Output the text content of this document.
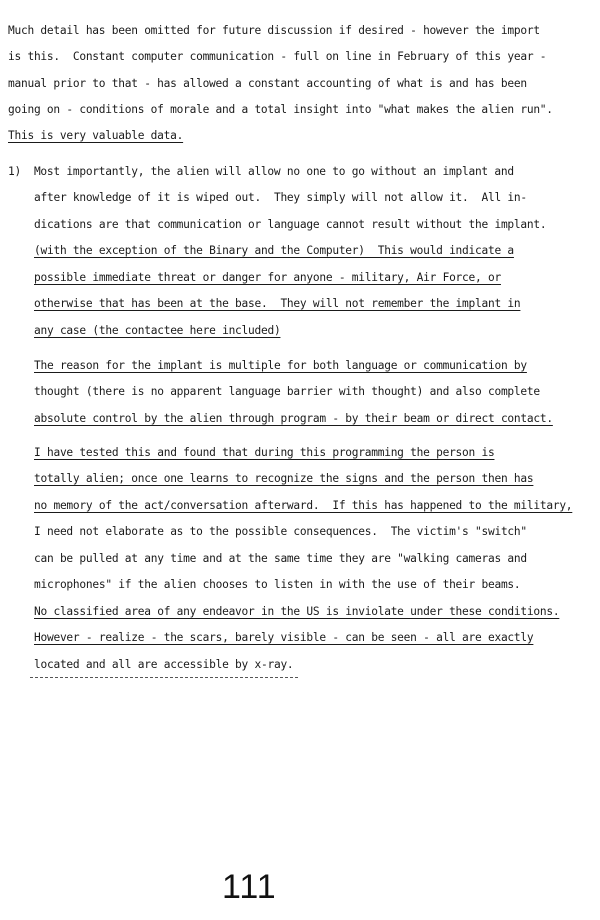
Much detail has been omitted for future discussion if desired - however the import
is this.  Constant computer communication - full on line in February of this year -
manual prior to that - has allowed a constant accounting of what is and has been
going on - conditions of morale and a total insight into "what makes the alien run".
This is very valuable data.
1)  Most importantly, the alien will allow no one to go without an implant and
after knowledge of it is wiped out.  They simply will not allow it.  All in-
dications are that communication or language cannot result without the implant.
(with the exception of the Binary and the Computer)  This would indicate a
possible immediate threat or danger for anyone - military, Air Force, or
otherwise that has been at the base.  They will not remember the implant in
any case (the contactee here included)
The reason for the implant is multiple for both language or communication by
thought (there is no apparent language barrier with thought) and also complete
absolute control by the alien through program - by their beam or direct contact.
I have tested this and found that during this programming the person is
totally alien; once one learns to recognize the signs and the person then has
no memory of the act/conversation afterward.  If this has happened to the military,
I need not elaborate as to the possible consequences.  The victim's "switch"
can be pulled at any time and at the same time they are "walking cameras and
microphones" if the alien chooses to listen in with the use of their beams.
No classified area of any endeavor in the US is inviolate under these conditions.
However - realize - the scars, barely visible - can be seen - all are exactly
located and all are accessible by x-ray.
111
